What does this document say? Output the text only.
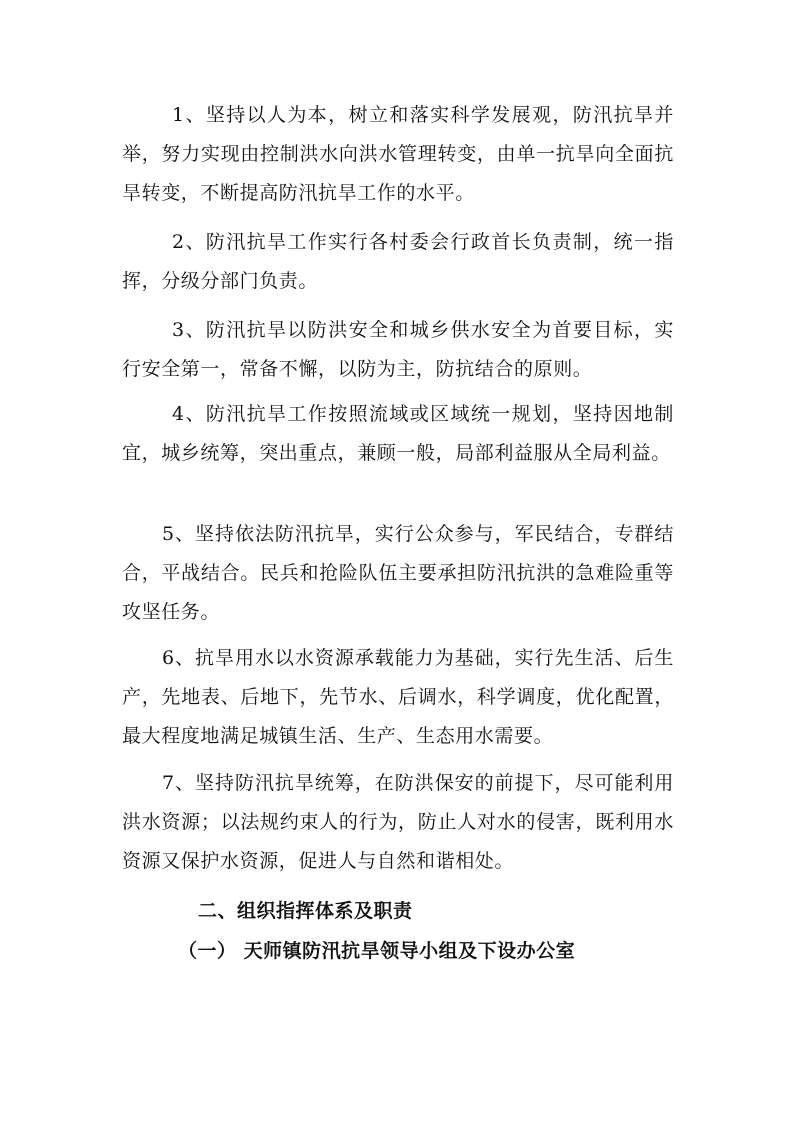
1、坚持以人为本，树立和落实科学发展观，防汛抗旱并举，努力实现由控制洪水向洪水管理转变，由单一抗旱向全面抗旱转变，不断提高防汛抗旱工作的水平。

2、防汛抗旱工作实行各村委会行政首长负责制，统一指挥，分级分部门负责。

3、防汛抗旱以防洪安全和城乡供水安全为首要目标，实行安全第一，常备不懈，以防为主，防抗结合的原则。

4、防汛抗旱工作按照流域或区域统一规划，坚持因地制宜，城乡统筹，突出重点，兼顾一般，局部利益服从全局利益。

5、坚持依法防汛抗旱，实行公众参与，军民结合，专群结合，平战结合。民兵和抢险队伍主要承担防汛抗洪的急难险重等攻坚任务。

6、抗旱用水以水资源承载能力为基础，实行先生活、后生产，先地表、后地下，先节水、后调水，科学调度，优化配置，最大程度地满足城镇生活、生产、生态用水需要。

7、坚持防汛抗旱统筹，在防洪保安的前提下，尽可能利用洪水资源；以法规约束人的行为，防止人对水的侵害，既利用水资源又保护水资源，促进人与自然和谐相处。

二、组织指挥体系及职责
（一） 天师镇防汛抗旱领导小组及下设办公室
